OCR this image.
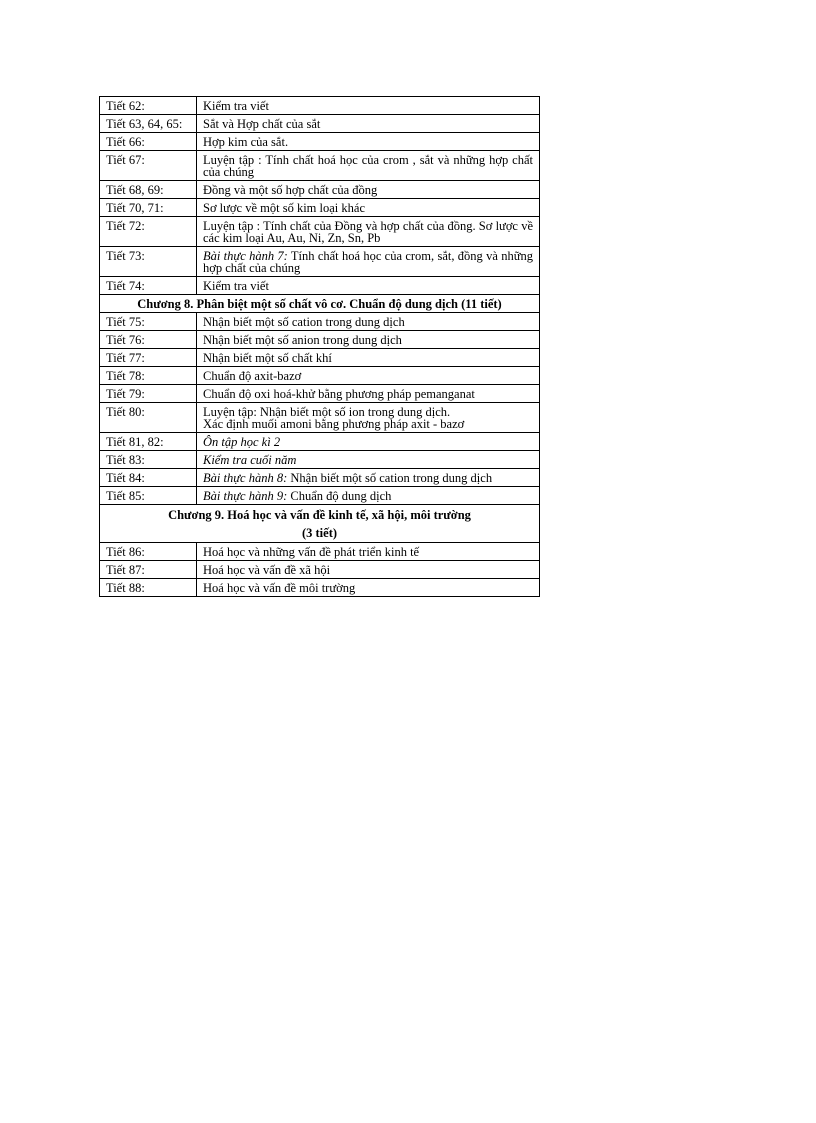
Tiết 62:	Kiểm tra viết
Tiết 63, 64, 65:	Sắt và Hợp chất của sắt
Tiết 66:	Hợp kim của sắt.
Tiết 67:	Luyện tập : Tính chất hoá học của crom , sắt và những hợp chất của chúng
Tiết 68, 69:	Đồng và một số hợp chất của đồng
Tiết 70, 71:	Sơ lược về một số kim loại khác
Tiết 72:	Luyện tập : Tính chất của Đồng và hợp chất của đồng. Sơ lược về các kim loại Au, Au, Ni, Zn, Sn, Pb
Tiết 73:	Bài thực hành 7: Tính chất hoá học của crom, sắt, đồng và những hợp chất của chúng
Tiết 74:	Kiểm tra viết
Chương 8. Phân biệt một số chất vô cơ. Chuẩn độ dung dịch (11 tiết)	
Tiết 75:	Nhận biết một số cation trong dung dịch
Tiết 76:	Nhận biết một số anion trong dung dịch
Tiết 77:	Nhận biết một số chất khí
Tiết 78:	Chuẩn độ axit-bazơ
Tiết 79:	Chuẩn độ oxi hoá-khử bằng phương pháp pemanganat
Tiết 80:	Luyện tập: Nhận biết một số ion trong dung dịch.
Xác định muối amoni bằng phương pháp axit - bazơ

Tiết 81, 82:	Ôn tập học kì 2
Tiết 83:	Kiểm tra cuối năm
Tiết 84:	Bài thực hành 8: Nhận biết một số cation trong dung dịch
Tiết 85:	Bài thực hành 9: Chuẩn độ dung dịch

Chương 9. Hoá học và vấn đề kinh tế, xã hội, môi trường
(3 tiết)	

Tiết 86:	Hoá học và những vấn đề phát triển kinh tế
Tiết 87:	Hoá học và vấn đề xã hội
Tiết 88:	Hoá học và vấn đề môi trường
